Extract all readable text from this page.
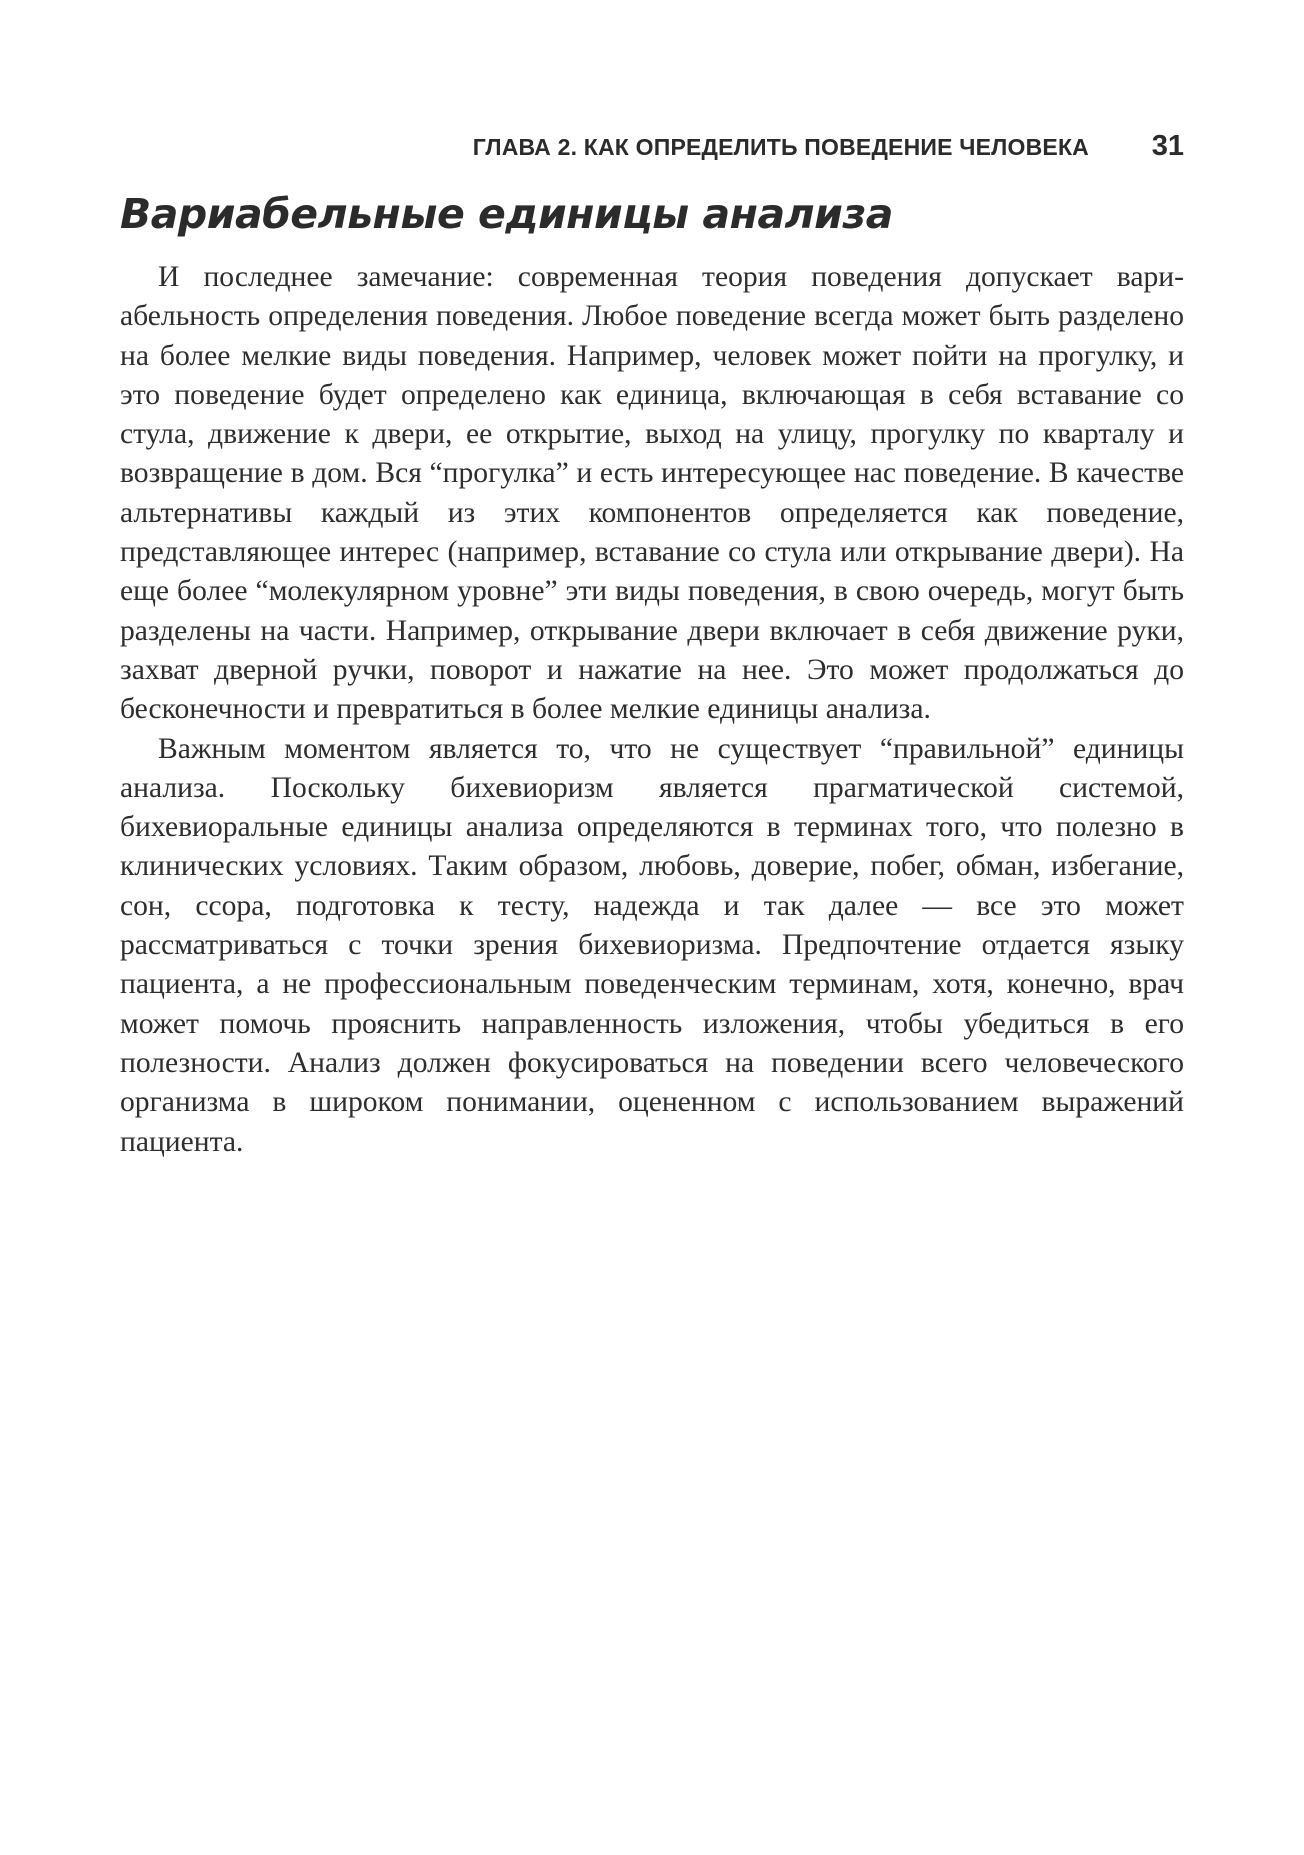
ГЛАВА 2. КАК ОПРЕДЕЛИТЬ ПОВЕДЕНИЕ ЧЕЛОВЕКА 31
Вариабельные единицы анализа

И последнее замечание: современная теория поведения допускает вариабельность определения поведения. Любое поведение всегда может быть разделено на более мелкие виды поведения. Например, человек может пойти на прогулку, и это поведение будет определено как единица, включающая в себя вставание со стула, движение к двери, ее открытие, выход на улицу, прогулку по кварталу и возвращение в дом. Вся “прогулка” и есть интересующее нас поведение. В качестве альтернативы каждый из этих компонентов определяется как поведение, представляющее интерес (например, вставание со стула или открывание двери). На еще более “молекулярном уровне” эти виды поведения, в свою очередь, могут быть разделены на части. Например, открывание двери включает в себя движение руки, захват дверной ручки, поворот и нажатие на нее. Это может продолжаться до бесконечности и превратиться в более мелкие единицы анализа.

Важным моментом является то, что не существует “правильной” единицы анализа. Поскольку бихевиоризм является прагматической системой, бихевиоральные единицы анализа определяются в терминах того, что полезно в клинических условиях. Таким образом, любовь, доверие, побег, обман, избегание, сон, ссора, подготовка к тесту, надежда и так далее — все это может рассматриваться с точки зрения бихевиоризма. Предпочтение отдается языку пациента, а не профессиональным поведенческим терминам, хотя, конечно, врач может помочь прояснить направленность изложения, чтобы убедиться в его полезности. Анализ должен фокусироваться на поведении всего человеческого организма в широком понимании, оцененном с использованием выражений пациента.
